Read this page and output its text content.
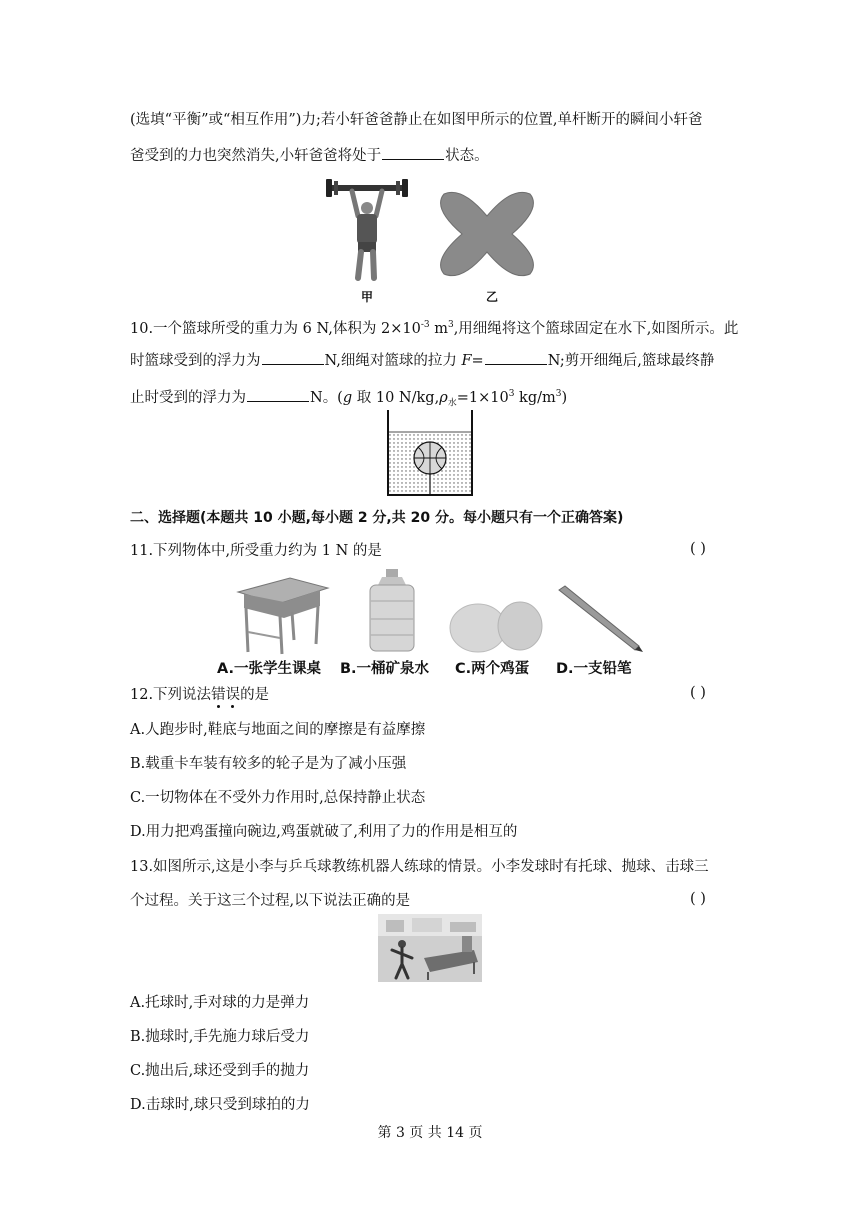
(选填“平衡”或“相互作用”)力;若小轩爸爸静止在如图甲所示的位置,单杆断开的瞬间小轩爸
爸受到的力也突然消失,小轩爸爸将处于	状态。
甲	乙
10.一个篮球所受的重力为 6 N,体积为 $2\times 10^{-3}$ $m^3$,用细绳将这个篮球固定在水下,如图所示。此
时篮球受到的浮力为	N,细绳对篮球的拉力 F=	N;剪开细绳后,篮球最终静
止时受到的浮力为	N。(g 取 10 $N/kg,\rho_水=1\times 10^3$ $kg/m^3$)
二、选择题(本题共 10 小题,每小题 2 分,共 20 分。每小题只有一个正确答案)
11.下列物体中,所受重力约为 1 N 的是	( )
A.一张学生课桌 B.一桶矿泉水 C.两个鸡蛋 D.一支铅笔
12.下列说法错误的是	( )
A.人跑步时,鞋底与地面之间的摩擦是有益摩擦
B.载重卡车装有较多的轮子是为了减小压强
C.一切物体在不受外力作用时,总保持静止状态
D.用力把鸡蛋撞向碗边,鸡蛋就破了,利用了力的作用是相互的
13.如图所示,这是小李与乒乓球教练机器人练球的情景。小李发球时有托球、抛球、击球三
个过程。关于这三个过程,以下说法正确的是	( )
A.托球时,手对球的力是弹力
B.抛球时,手先施力球后受力
C.抛出后,球还受到手的抛力
D.击球时,球只受到球拍的力
第 3 页 共 14 页
